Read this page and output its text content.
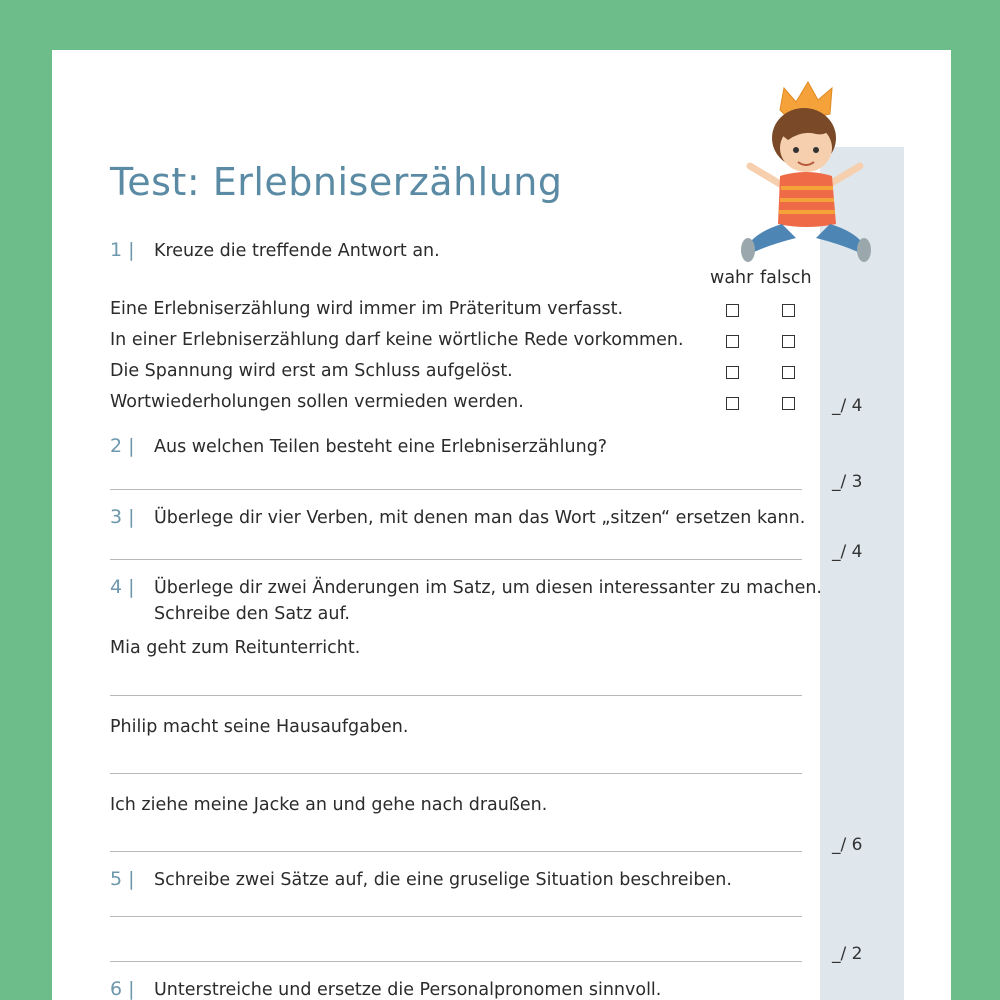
Test: Erlebniserzählung
1 | Kreuze die treffende Antwort an.
wahr falsch
Eine Erlebniserzählung wird immer im Präteritum verfasst.
In einer Erlebniserzählung darf keine wörtliche Rede vorkommen.
Die Spannung wird erst am Schluss aufgelöst.
Wortwiederholungen sollen vermieden werden.	_/ 4
2 | Aus welchen Teilen besteht eine Erlebniserzählung?
_/ 3
3 | Überlege dir vier Verben, mit denen man das Wort „sitzen“ ersetzen kann.
_/ 4
4 | Überlege dir zwei Änderungen im Satz, um diesen interessanter zu machen.
Schreibe den Satz auf.
Mia geht zum Reitunterricht.
Philip macht seine Hausaufgaben.
Ich ziehe meine Jacke an und gehe nach draußen.
_/ 6
5 | Schreibe zwei Sätze auf, die eine gruselige Situation beschreiben.
_/ 2
6 | Unterstreiche und ersetze die Personalpronomen sinnvoll.
